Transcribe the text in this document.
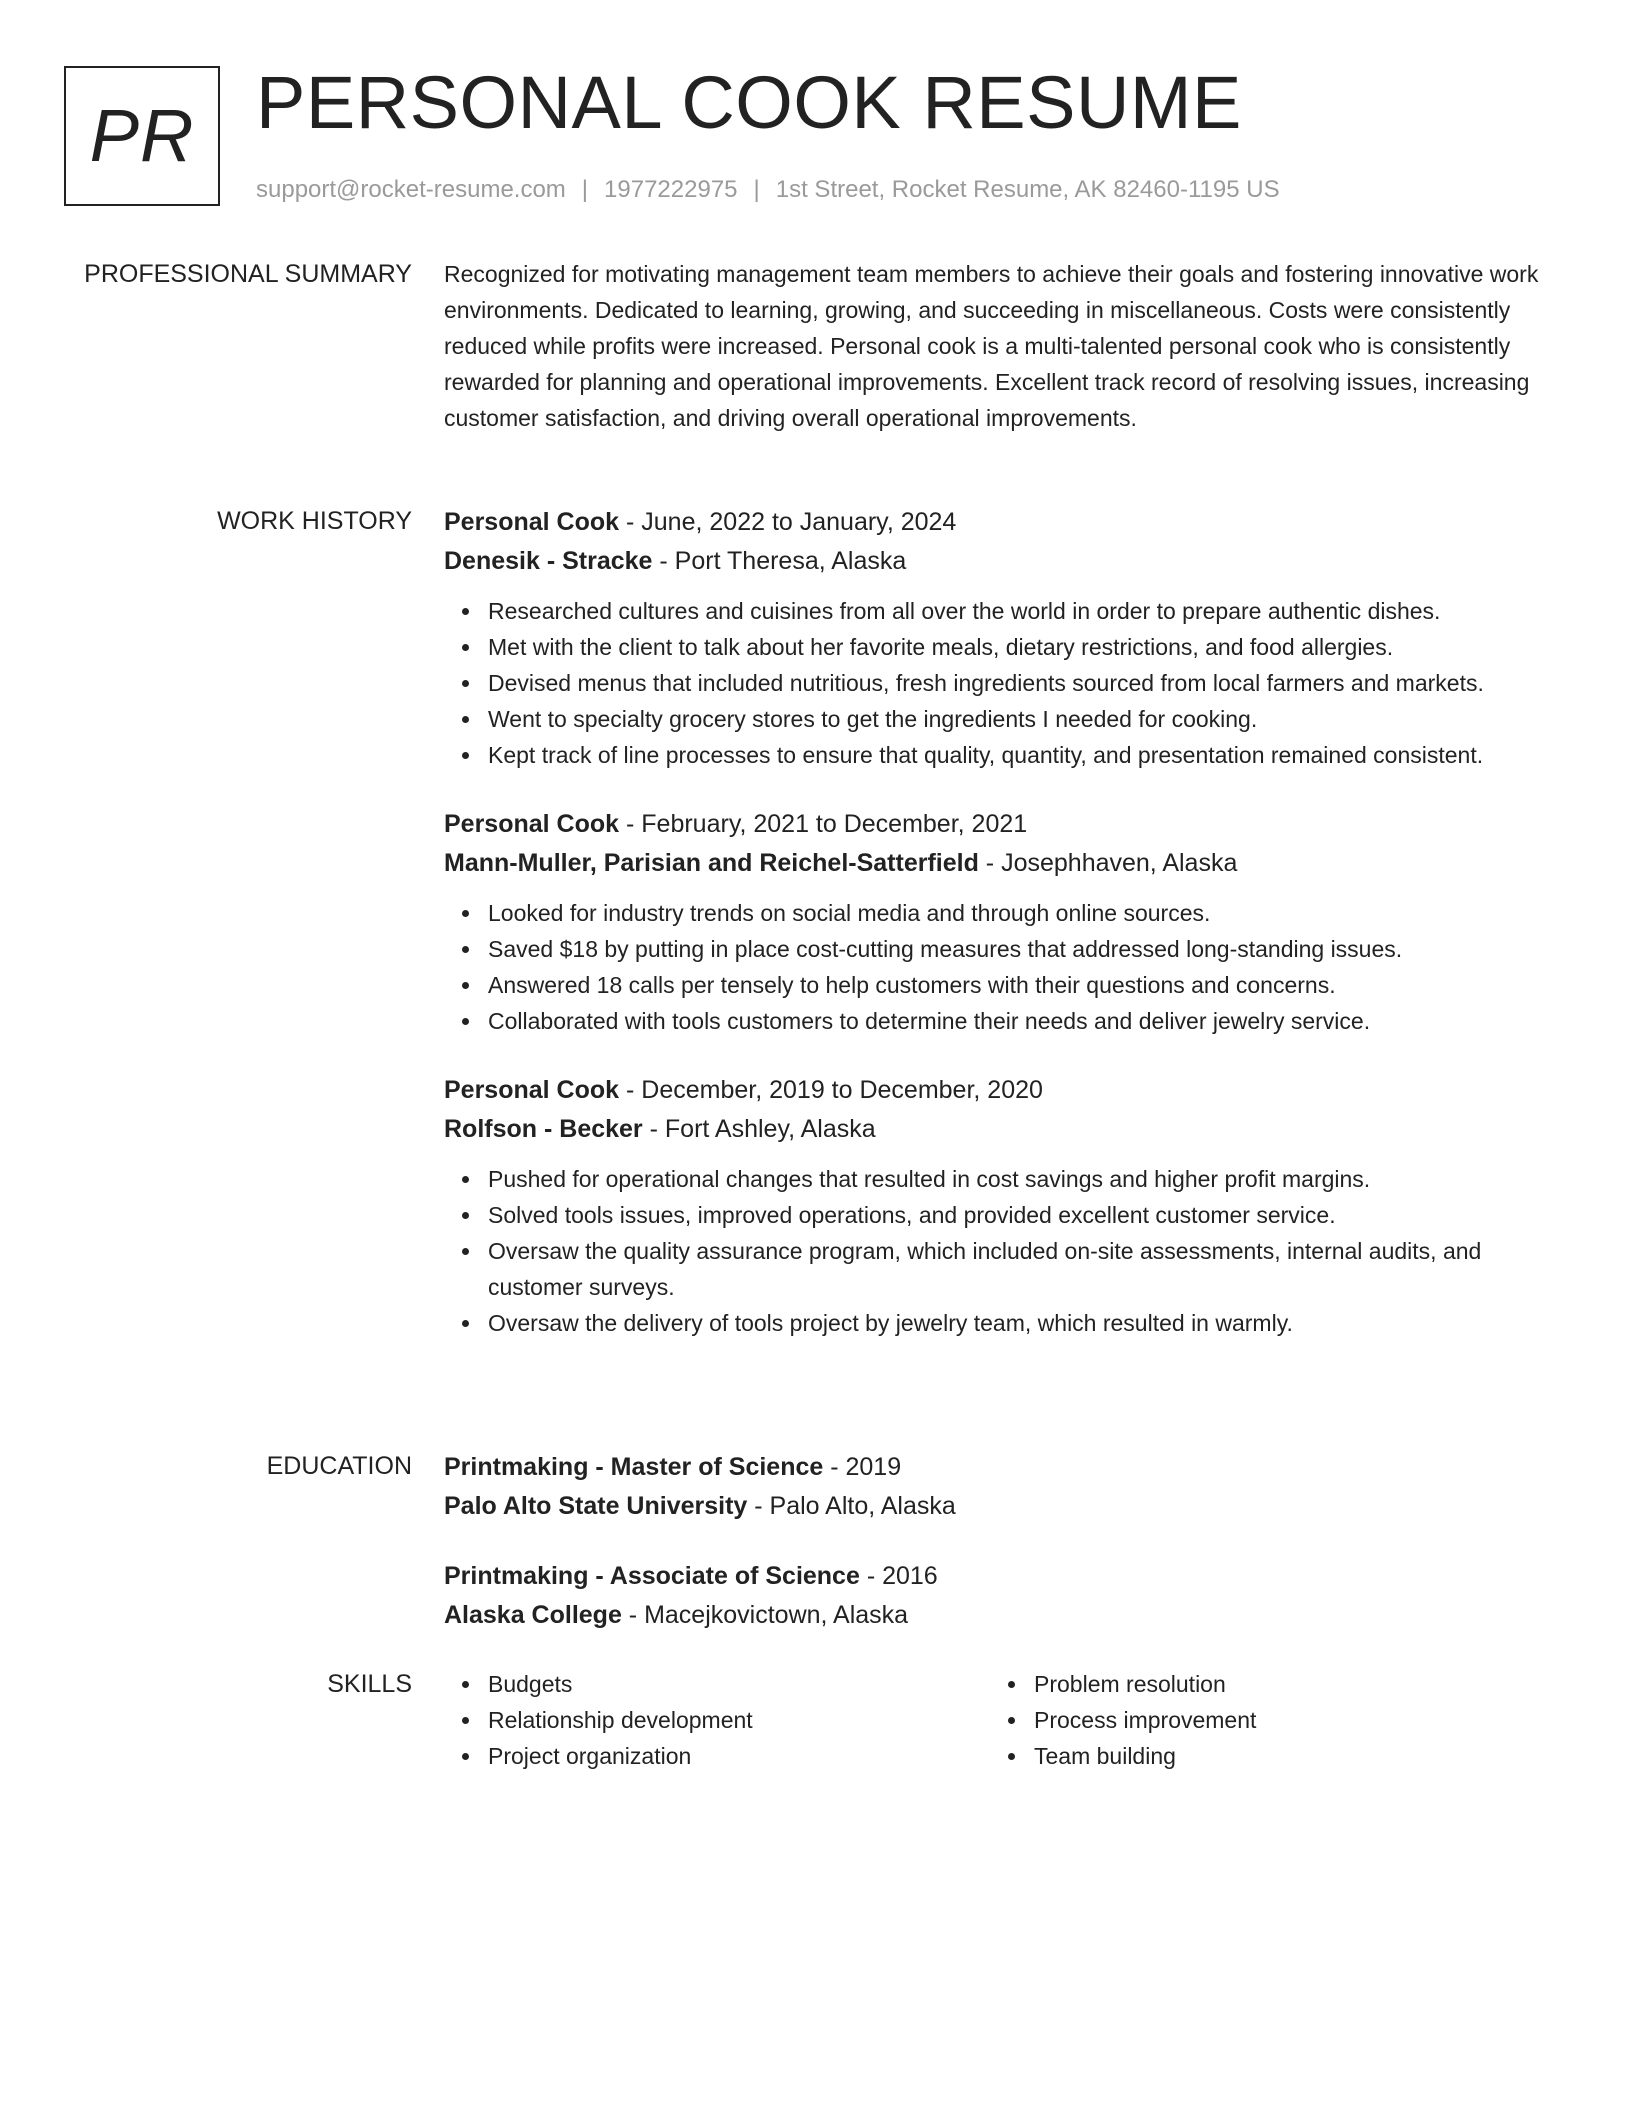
PR PERSONAL COOK RESUME
support@rocket-resume.com | 1977222975 | 1st Street, Rocket Resume, AK 82460-1195 US
PROFESSIONAL SUMMARY Recognized for motivating management team members to achieve their goals and fostering innovative work environments. Dedicated to learning, growing, and succeeding in miscellaneous. Costs were consistently reduced while profits were increased. Personal cook is a multi-talented personal cook who is consistently rewarded for planning and operational improvements. Excellent track record of resolving issues, increasing customer satisfaction, and driving overall operational improvements.

WORK HISTORY Personal Cook - June, 2022 to January, 2024

Denesik - Stracke - Port Theresa, Alaska

Researched cultures and cuisines from all over the world in order to prepare authentic dishes.
Met with the client to talk about her favorite meals, dietary restrictions, and food allergies.
Devised menus that included nutritious, fresh ingredients sourced from local farmers and markets.
Went to specialty grocery stores to get the ingredients I needed for cooking.
Kept track of line processes to ensure that quality, quantity, and presentation remained consistent.

Personal Cook - February, 2021 to December, 2021

Mann-Muller, Parisian and Reichel-Satterfield - Josephhaven, Alaska

Looked for industry trends on social media and through online sources.
Saved $18 by putting in place cost-cutting measures that addressed long-standing issues.
Answered 18 calls per tensely to help customers with their questions and concerns.
Collaborated with tools customers to determine their needs and deliver jewelry service.

Personal Cook - December, 2019 to December, 2020

Rolfson - Becker - Fort Ashley, Alaska

Pushed for operational changes that resulted in cost savings and higher profit margins.
Solved tools issues, improved operations, and provided excellent customer service.
Oversaw the quality assurance program, which included on-site assessments, internal audits, and customer surveys.
Oversaw the delivery of tools project by jewelry team, which resulted in warmly.
EDUCATION Printmaking - Master of Science - 2019

Palo Alto State University - Palo Alto, Alaska

Printmaking - Associate of Science - 2016

Alaska College - Macejkovictown, Alaska

SKILLS	Budgets
Relationship development
Project organization
Problem resolution
Process improvement
Team building
